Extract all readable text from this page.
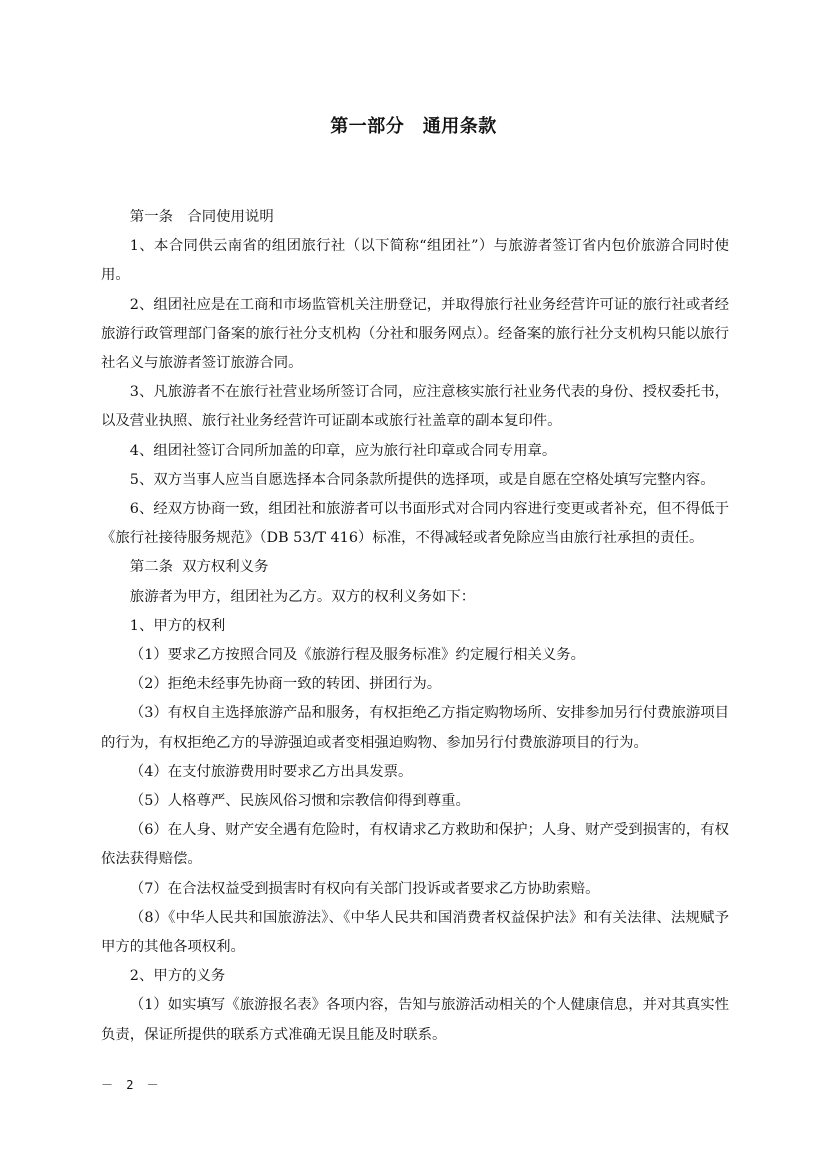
第一部分　通用条款

第一条　合同使用说明

1、本合同供云南省的组团旅行社（以下简称“组团社”）与旅游者签订省内包价旅游合同时使用。

2、组团社应是在工商和市场监管机关注册登记，并取得旅行社业务经营许可证的旅行社或者经旅游行政管理部门备案的旅行社分支机构（分社和服务网点）。经备案的旅行社分支机构只能以旅行社名义与旅游者签订旅游合同。

3、凡旅游者不在旅行社营业场所签订合同，应注意核实旅行社业务代表的身份、授权委托书，以及营业执照、旅行社业务经营许可证副本或旅行社盖章的副本复印件。

4、组团社签订合同所加盖的印章，应为旅行社印章或合同专用章。

5、双方当事人应当自愿选择本合同条款所提供的选择项，或是自愿在空格处填写完整内容。

6、经双方协商一致，组团社和旅游者可以书面形式对合同内容进行变更或者补充，但不得低于《旅行社接待服务规范》（DB 53/T 416）标准，不得减轻或者免除应当由旅行社承担的责任。

第二条  双方权利义务

旅游者为甲方，组团社为乙方。双方的权利义务如下：

1、甲方的权利

（1）要求乙方按照合同及《旅游行程及服务标准》约定履行相关义务。

（2）拒绝未经事先协商一致的转团、拼团行为。

（3）有权自主选择旅游产品和服务，有权拒绝乙方指定购物场所、安排参加另行付费旅游项目的行为，有权拒绝乙方的导游强迫或者变相强迫购物、参加另行付费旅游项目的行为。

（4）在支付旅游费用时要求乙方出具发票。

（5）人格尊严、民族风俗习惯和宗教信仰得到尊重。

（6）在人身、财产安全遇有危险时，有权请求乙方救助和保护；人身、财产受到损害的，有权依法获得赔偿。

（7）在合法权益受到损害时有权向有关部门投诉或者要求乙方协助索赔。

（8）《中华人民共和国旅游法》、《中华人民共和国消费者权益保护法》和有关法律、法规赋予甲方的其他各项权利。

2、甲方的义务

（1）如实填写《旅游报名表》各项内容，告知与旅游活动相关的个人健康信息，并对其真实性负责，保证所提供的联系方式准确无误且能及时联系。

－ 2 －
